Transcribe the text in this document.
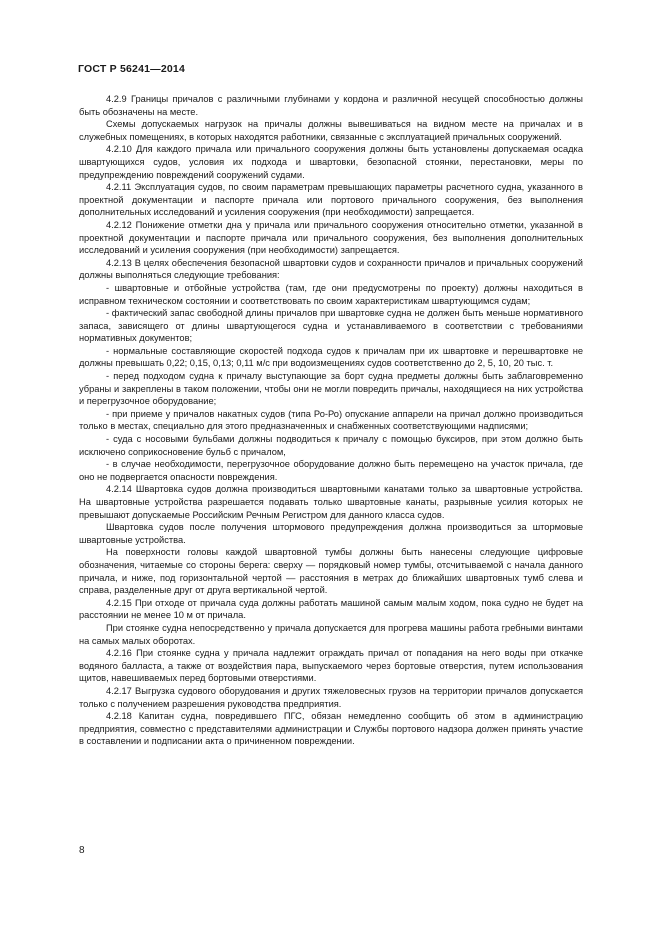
ГОСТ Р 56241—2014

4.2.9 Границы причалов с различными глубинами у кордона и различной несущей способностью должны быть обозначены на месте.

Схемы допускаемых нагрузок на причалы должны вывешиваться на видном месте на причалах и в служебных помещениях, в которых находятся работники, связанные с эксплуатацией причальных сооружений.

4.2.10 Для каждого причала или причального сооружения должны быть установлены допускаемая осадка швартующихся судов, условия их подхода и швартовки, безопасной стоянки, перестановки, меры по предупреждению повреждений сооружений судами.

4.2.11 Эксплуатация судов, по своим параметрам превышающих параметры расчетного судна, указанного в проектной документации и паспорте причала или портового причального сооружения, без выполнения дополнительных исследований и усиления сооружения (при необходимости) запрещается.

4.2.12 Понижение отметки дна у причала или причального сооружения относительно отметки, указанной в проектной документации и паспорте причала или причального сооружения, без выполнения дополнительных исследований и усиления сооружения (при необходимости) запрещается.

4.2.13 В целях обеспечения безопасной швартовки судов и сохранности причалов и причальных сооружений должны выполняться следующие требования:

- швартовные и отбойные устройства (там, где они предусмотрены по проекту) должны находиться в исправном техническом состоянии и соответствовать по своим характеристикам швартующимся судам;

- фактический запас свободной длины причалов при швартовке судна не должен быть меньше нормативного запаса, зависящего от длины швартующегося судна и устанавливаемого в соответствии с требованиями нормативных документов;

- нормальные составляющие скоростей подхода судов к причалам при их швартовке и перешвартовке не должны превышать 0,22; 0,15, 0,13; 0,11 м/с при водоизмещениях судов соответственно до 2, 5, 10, 20 тыс. т.

- перед подходом судна к причалу выступающие за борт судна предметы должны быть заблаговременно убраны и закреплены в таком положении, чтобы они не могли повредить причалы, находящиеся на них устройства и перегрузочное оборудование;

- при приеме у причалов накатных судов (типа Ро-Ро) опускание аппарели на причал должно производиться только в местах, специально для этого предназначенных и снабженных соответствующими надписями;

- суда с носовыми бульбами должны подводиться к причалу с помощью буксиров, при этом должно быть исключено соприкосновение бульб с причалом,

- в случае необходимости, перегрузочное оборудование должно быть перемещено на участок причала, где оно не подвергается опасности повреждения.

4.2.14 Швартовка судов должна производиться швартовными канатами только за швартовные устройства. На швартовные устройства разрешается подавать только швартовные канаты, разрывные усилия которых не превышают допускаемые Российским Речным Регистром для данного класса судов.

Швартовка судов после получения штормового предупреждения должна производиться за штормовые швартовные устройства.

На поверхности головы каждой швартовной тумбы должны быть нанесены следующие цифровые обозначения, читаемые со стороны берега: сверху — порядковый номер тумбы, отсчитываемой с начала данного причала, и ниже, под горизонтальной чертой — расстояния в метрах до ближайших швартовных тумб слева и справа, разделенные друг от друга вертикальной чертой.

4.2.15 При отходе от причала суда должны работать машиной самым малым ходом, пока судно не будет на расстоянии не менее 10 м от причала.

При стоянке судна непосредственно у причала допускается для прогрева машины работа гребными винтами на самых малых оборотах.

4.2.16 При стоянке судна у причала надлежит ограждать причал от попадания на него воды при откачке водяного балласта, а также от воздействия пара, выпускаемого через бортовые отверстия, путем использования щитов, навешиваемых перед бортовыми отверстиями.

4.2.17 Выгрузка судового оборудования и других тяжеловесных грузов на территории причалов допускается только с получением разрешения руководства предприятия.

4.2.18 Капитан судна, повредившего ПГС, обязан немедленно сообщить об этом в администрацию предприятия, совместно с представителями администрации и Службы портового надзора должен принять участие в составлении и подписании акта о причиненном повреждении.

8
